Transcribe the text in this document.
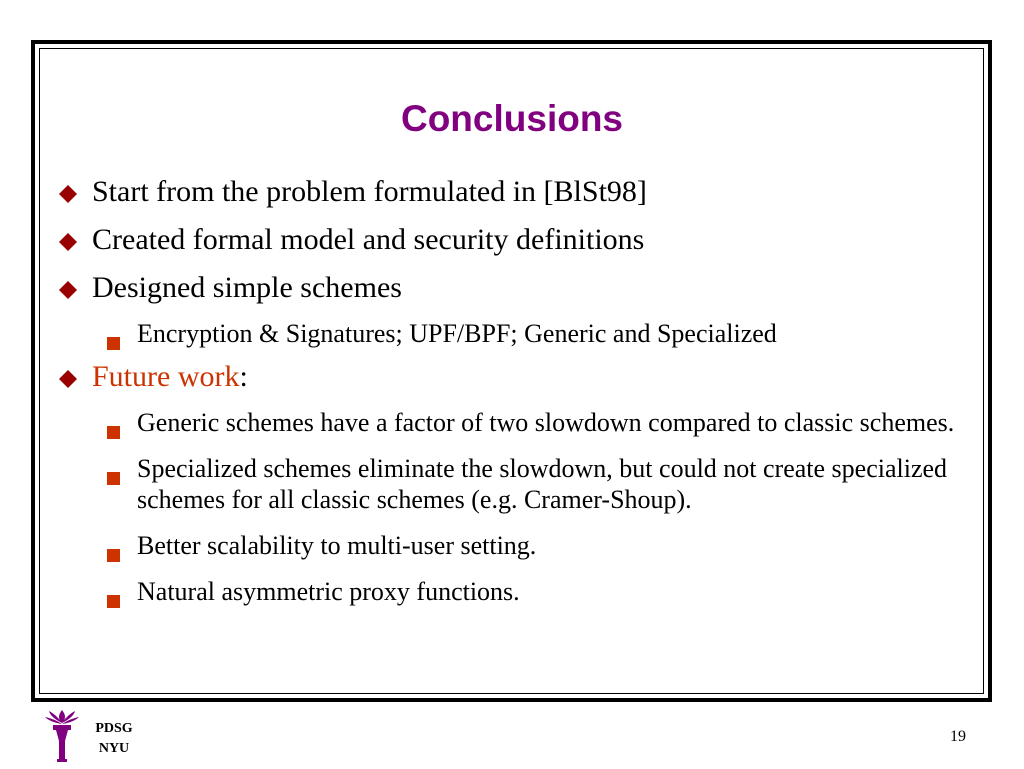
Conclusions
Start from the problem formulated in [BlSt98]
Created formal model and security definitions
Designed simple schemes
Encryption & Signatures; UPF/BPF; Generic and Specialized
Future work:
Generic schemes have a factor of two slowdown compared to classic schemes.
Specialized schemes eliminate the slowdown, but could not create specialized schemes for all classic schemes (e.g. Cramer-Shoup).
Better scalability to multi-user setting.
Natural asymmetric proxy functions.
PDSG
NYU
19
